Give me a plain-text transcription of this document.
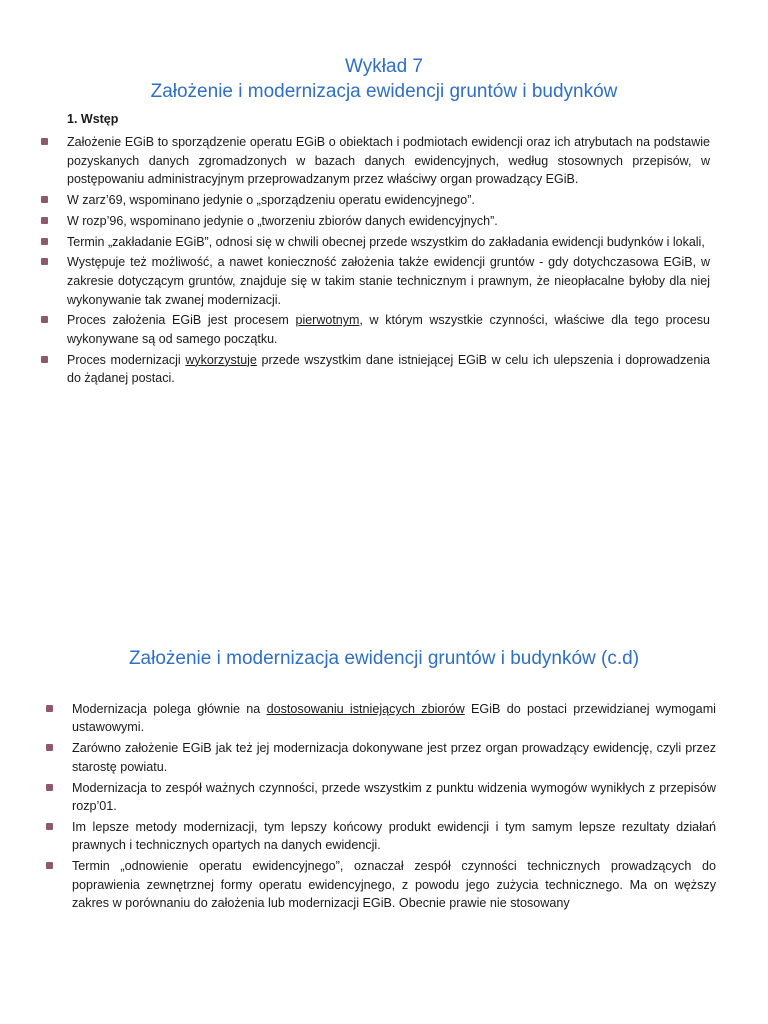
Wykład 7
Założenie i modernizacja ewidencji gruntów i budynków
1. Wstęp
Założenie EGiB to sporządzenie operatu EGiB o obiektach i podmiotach ewidencji oraz ich atrybutach na podstawie pozyskanych danych zgromadzonych w bazach danych ewidencyjnych, według stosownych przepisów, w postępowaniu administracyjnym przeprowadzanym przez właściwy organ prowadzący EGiB.
W zarz’69, wspominano jedynie o „sporządzeniu operatu ewidencyjnego”.
W rozp’96, wspominano jedynie o „tworzeniu zbiorów danych ewidencyjnych”.
Termin „zakładanie EGiB”, odnosi się w chwili obecnej przede wszystkim do zakładania ewidencji budynków i lokali,
Występuje też możliwość, a nawet konieczność założenia także ewidencji gruntów - gdy dotychczasowa EGiB, w zakresie dotyczącym gruntów, znajduje się w takim stanie technicznym i prawnym, że nieopłacalne byłoby dla niej wykonywanie tak zwanej modernizacji.
Proces założenia EGiB jest procesem pierwotnym, w którym wszystkie czynności, właściwe dla tego procesu wykonywane są od samego początku.
Proces modernizacji wykorzystuje przede wszystkim dane istniejącej EGiB w celu ich ulepszenia i doprowadzenia do żądanej postaci.
Założenie i modernizacja ewidencji gruntów i budynków (c.d)
Modernizacja polega głównie na dostosowaniu istniejących zbiorów EGiB do postaci przewidzianej wymogami ustawowymi.
Zarówno założenie EGiB jak też jej modernizacja dokonywane jest przez organ prowadzący ewidencję, czyli przez starostę powiatu.
Modernizacja to zespół ważnych czynności, przede wszystkim z punktu widzenia wymogów wynikłych z przepisów rozp’01.
Im lepsze metody modernizacji, tym lepszy końcowy produkt ewidencji i tym samym lepsze rezultaty działań prawnych i technicznych opartych na danych ewidencji.
Termin „odnowienie operatu ewidencyjnego”, oznaczał zespół czynności technicznych prowadzących do poprawienia zewnętrznej formy operatu ewidencyjnego, z powodu jego zużycia technicznego. Ma on węższy zakres w porównaniu do założenia lub modernizacji EGiB. Obecnie prawie nie stosowany
